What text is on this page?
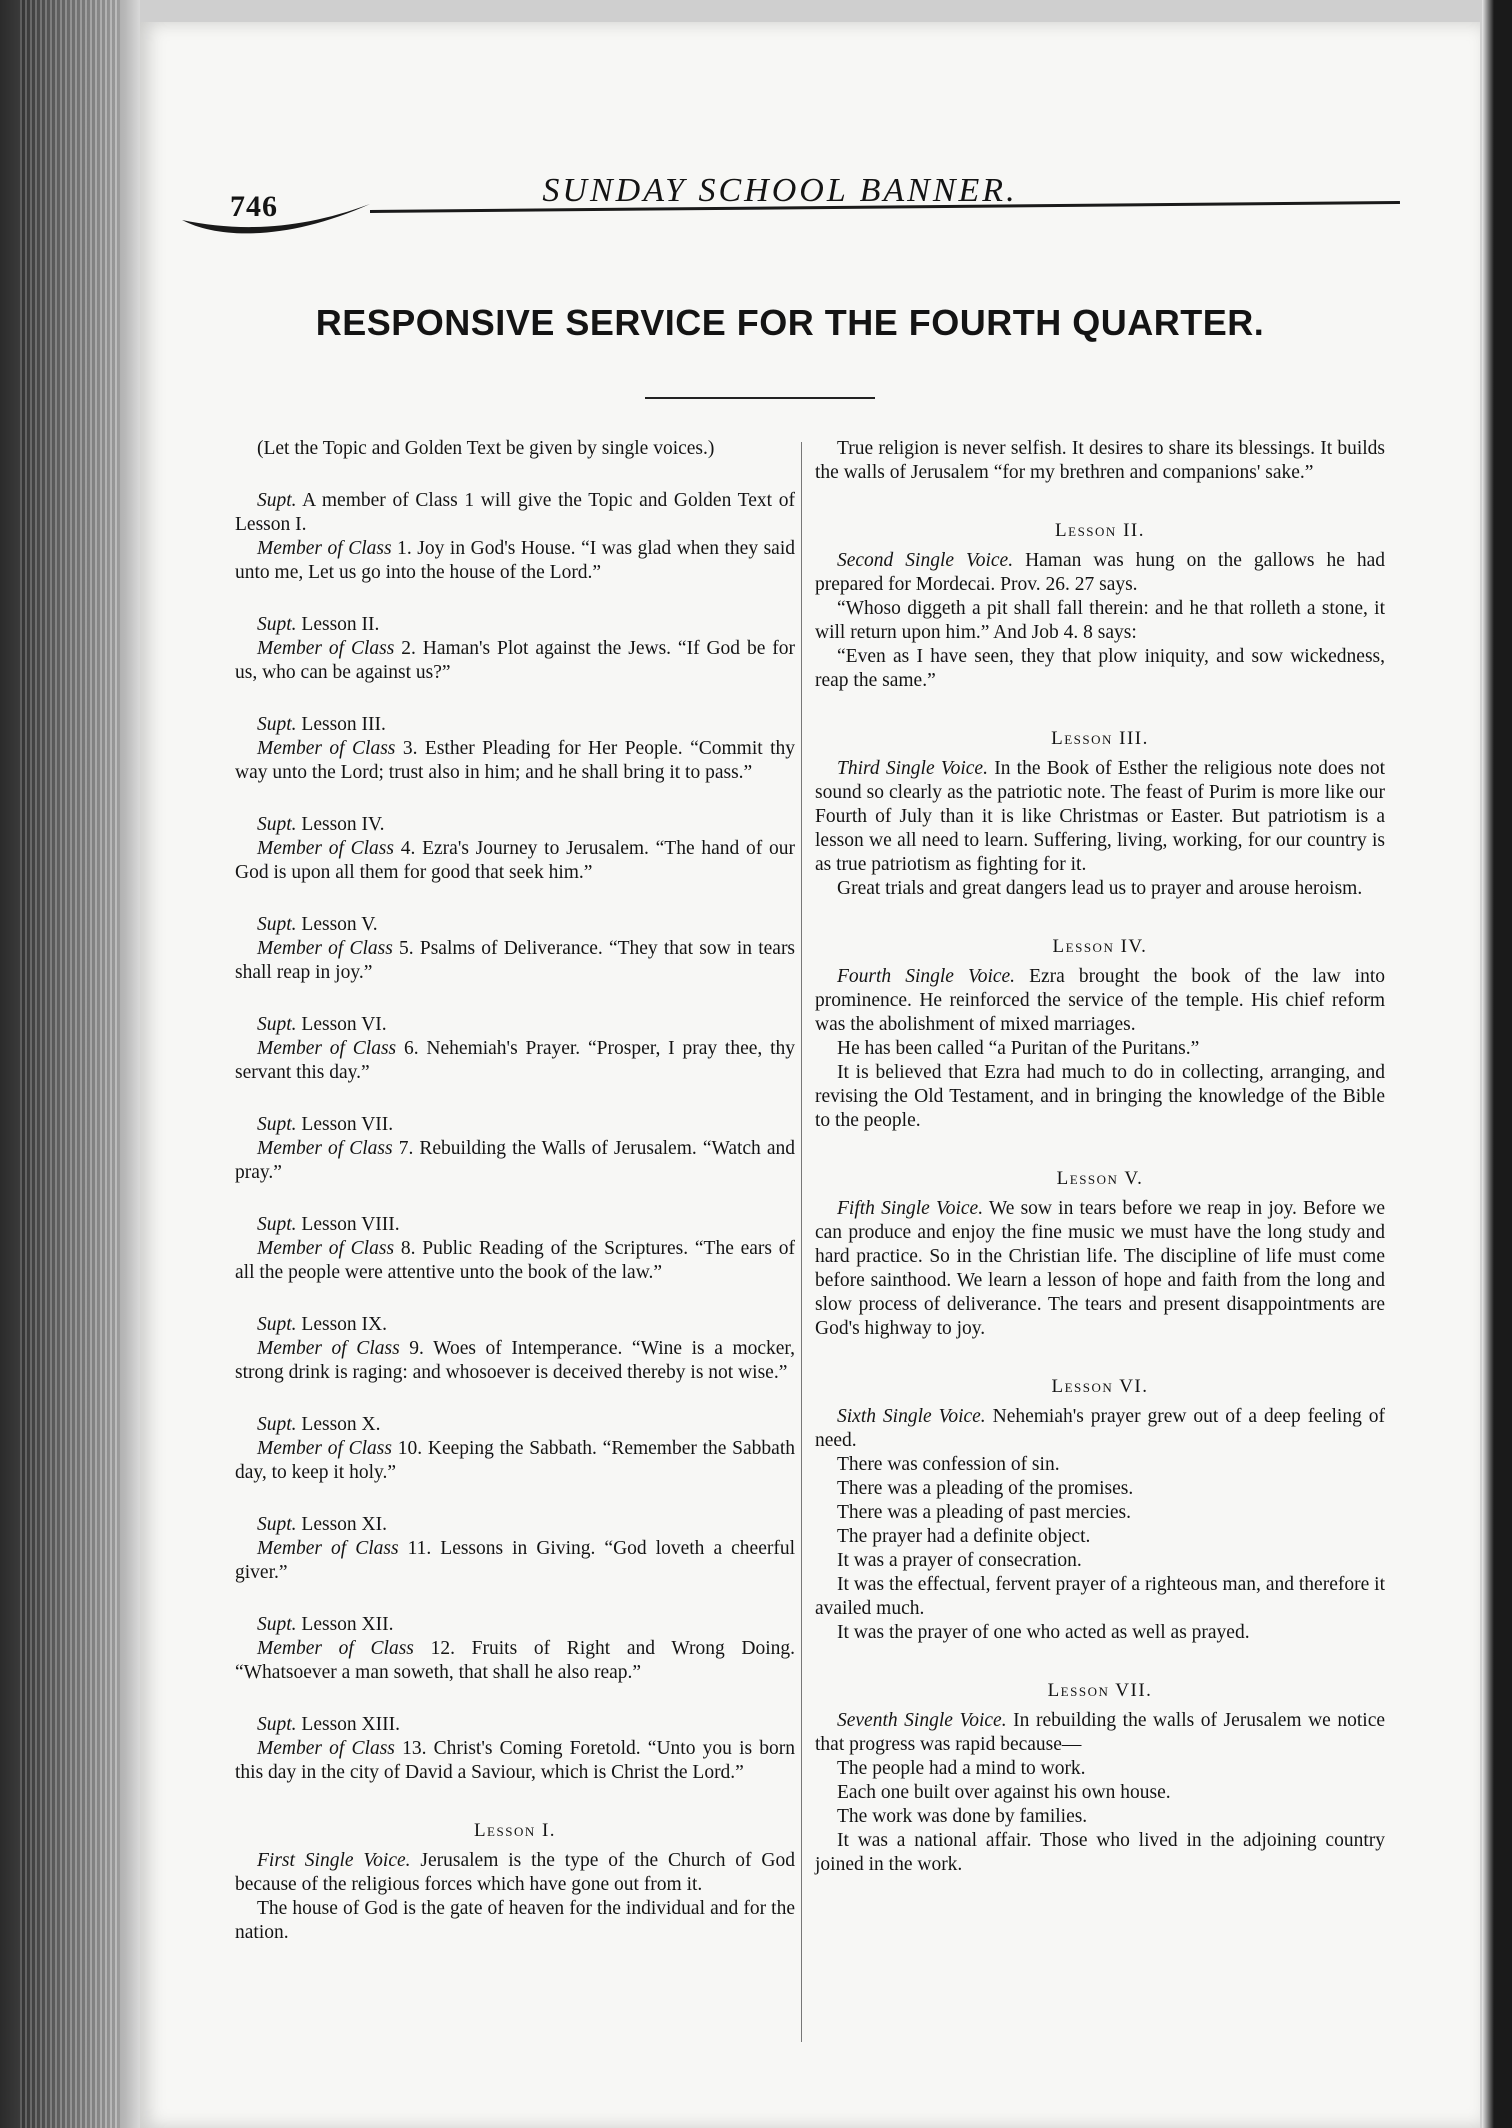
746	SUNDAY SCHOOL BANNER.
RESPONSIVE SERVICE FOR THE FOURTH QUARTER.

(Let the Topic and Golden Text be given by single voices.)

Supt. A member of Class 1 will give the Topic and Golden Text of Lesson I.

Member of Class 1. Joy in God's House. “I was glad when they said unto me, Let us go into the house of the Lord.”

Supt. Lesson II.

Member of Class 2. Haman's Plot against the Jews. “If God be for us, who can be against us?”

Supt. Lesson III.

Member of Class 3. Esther Pleading for Her People. “Commit thy way unto the Lord; trust also in him; and he shall bring it to pass.”

Supt. Lesson IV.

Member of Class 4. Ezra's Journey to Jerusalem. “The hand of our God is upon all them for good that seek him.”

Supt. Lesson V.

Member of Class 5. Psalms of Deliverance. “They that sow in tears shall reap in joy.”

Supt. Lesson VI.

Member of Class 6. Nehemiah's Prayer. “Prosper, I pray thee, thy servant this day.”

Supt. Lesson VII.

Member of Class 7. Rebuilding the Walls of Jerusalem. “Watch and pray.”

Supt. Lesson VIII.

Member of Class 8. Public Reading of the Scriptures. “The ears of all the people were attentive unto the book of the law.”

Supt. Lesson IX.

Member of Class 9. Woes of Intemperance. “Wine is a mocker, strong drink is raging: and whosoever is deceived thereby is not wise.”

Supt. Lesson X.

Member of Class 10. Keeping the Sabbath. “Remember the Sabbath day, to keep it holy.”

Supt. Lesson XI.

Member of Class 11. Lessons in Giving. “God loveth a cheerful giver.”

Supt. Lesson XII.

Member of Class 12. Fruits of Right and Wrong Doing. “Whatsoever a man soweth, that shall he also reap.”

Supt. Lesson XIII.

Member of Class 13. Christ's Coming Foretold. “Unto you is born this day in the city of David a Saviour, which is Christ the Lord.”

Lesson I.

First Single Voice. Jerusalem is the type of the Church of God because of the religious forces which have gone out from it.

The house of God is the gate of heaven for the individual and for the nation.

True religion is never selfish. It desires to share its blessings. It builds the walls of Jerusalem “for my brethren and companions' sake.”

Lesson II.

Second Single Voice. Haman was hung on the gallows he had prepared for Mordecai. Prov. 26. 27 says.

“Whoso diggeth a pit shall fall therein: and he that rolleth a stone, it will return upon him.” And Job 4. 8 says:

“Even as I have seen, they that plow iniquity, and sow wickedness, reap the same.”

Lesson III.

Third Single Voice. In the Book of Esther the religious note does not sound so clearly as the patriotic note. The feast of Purim is more like our Fourth of July than it is like Christmas or Easter. But patriotism is a lesson we all need to learn. Suffering, living, working, for our country is as true patriotism as fighting for it.

Great trials and great dangers lead us to prayer and arouse heroism.

Lesson IV.

Fourth Single Voice. Ezra brought the book of the law into prominence. He reinforced the service of the temple. His chief reform was the abolishment of mixed marriages.

He has been called “a Puritan of the Puritans.”

It is believed that Ezra had much to do in collecting, arranging, and revising the Old Testament, and in bringing the knowledge of the Bible to the people.

Lesson V.

Fifth Single Voice. We sow in tears before we reap in joy. Before we can produce and enjoy the fine music we must have the long study and hard practice. So in the Christian life. The discipline of life must come before sainthood. We learn a lesson of hope and faith from the long and slow process of deliverance. The tears and present disappointments are God's highway to joy.

Lesson VI.

Sixth Single Voice. Nehemiah's prayer grew out of a deep feeling of need.

There was confession of sin.

There was a pleading of the promises.

There was a pleading of past mercies.

The prayer had a definite object.

It was a prayer of consecration.

It was the effectual, fervent prayer of a righteous man, and therefore it availed much.

It was the prayer of one who acted as well as prayed.

Lesson VII.

Seventh Single Voice. In rebuilding the walls of Jerusalem we notice that progress was rapid because—

The people had a mind to work.

Each one built over against his own house.

The work was done by families.

It was a national affair. Those who lived in the adjoining country joined in the work.
